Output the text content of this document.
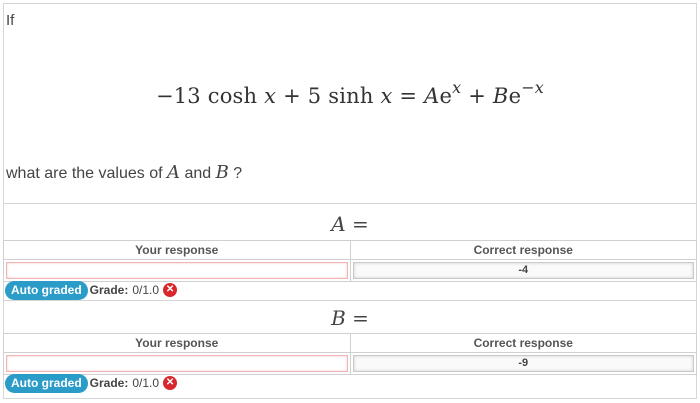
If
−13 cosh x + 5 $\sinh x = Ae^x + Be^{-x}$
what are the values of A and B ?
A =
Your response	Correct response

	-4
Auto graded Grade: 0/1.0 ✕
B =
Your response	Correct response

	-9
Auto graded Grade: 0/1.0 ✕
